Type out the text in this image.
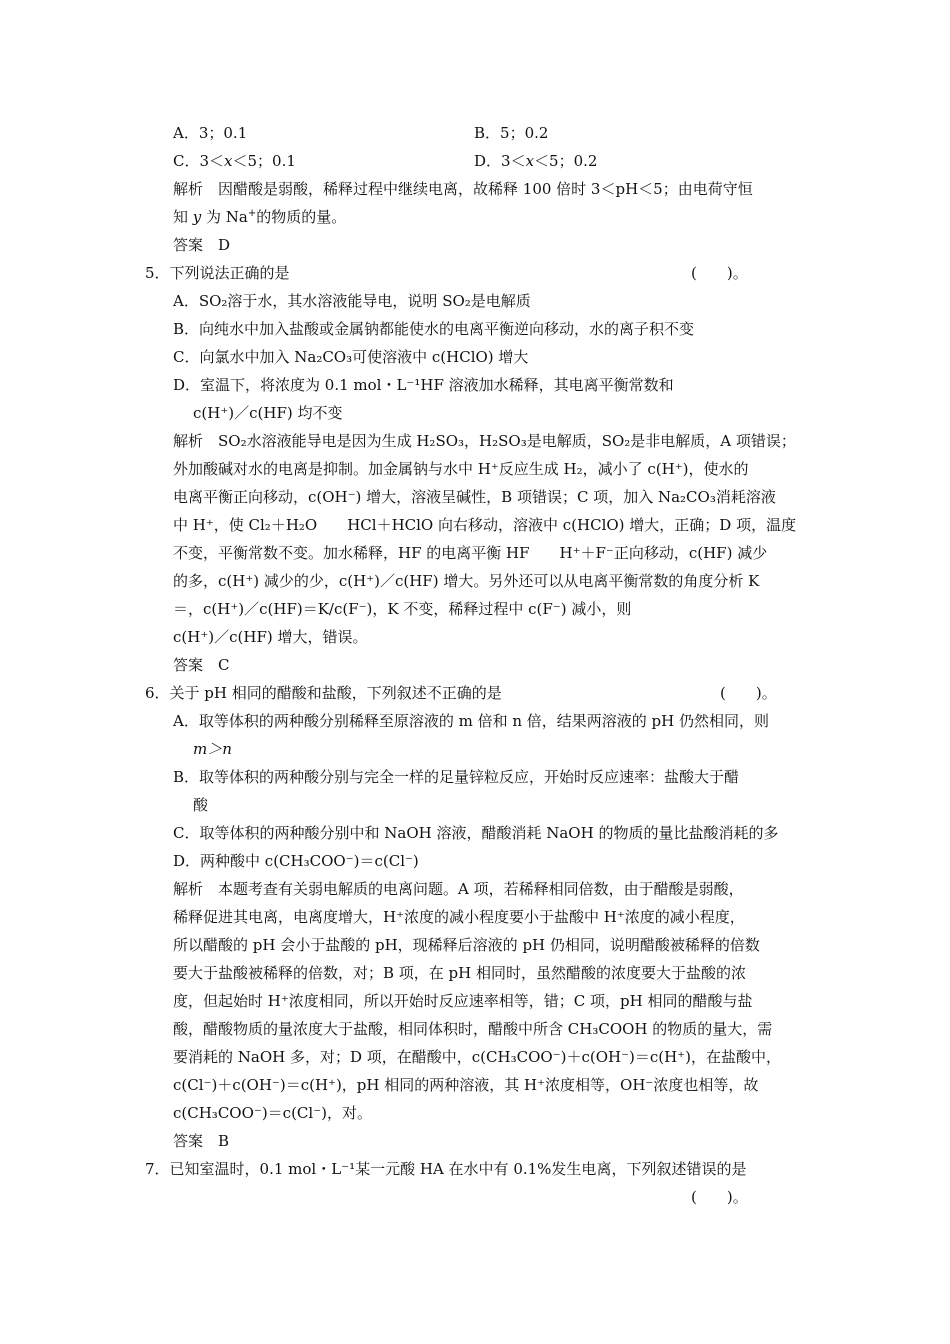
A．3；0.1	B．5；0.2
C．3＜x＜5；0.1	D．3＜x＜5；0.2
解析　因醋酸是弱酸，稀释过程中继续电离，故稀释 100 倍时 3＜pH＜5；由电荷守恒
知 y 为 Na+的物质的量。
答案　D
5．下列说法正确的是	(　　)。
A．SO₂溶于水，其水溶液能导电，说明 SO₂是电解质
B．向纯水中加入盐酸或金属钠都能使水的电离平衡逆向移动，水的离子积不变
C．向氯水中加入 Na₂CO₃可使溶液中 c(HClO) 增大
D．室温下，将浓度为 0.1 mol・L⁻¹HF 溶液加水稀释，其电离平衡常数和
c(H⁺)／c(HF) 均不变
解析　SO₂水溶液能导电是因为生成 H₂SO₃，H₂SO₃是电解质，SO₂是非电解质，A 项错误；
外加酸碱对水的电离是抑制。加金属钠与水中 H⁺反应生成 H₂，减小了 c(H⁺)，使水的
电离平衡正向移动，c(OH⁻) 增大，溶液呈碱性，B 项错误；C 项，加入 Na₂CO₃消耗溶液
中 H⁺，使 Cl₂＋H₂O　　HCl＋HClO 向右移动，溶液中 c(HClO) 增大，正确；D 项，温度
不变，平衡常数不变。加水稀释，HF 的电离平衡 HF　　H⁺＋F⁻正向移动，c(HF) 减少
的多，c(H⁺) 减少的少，c(H⁺)／c(HF) 增大。另外还可以从电离平衡常数的角度分析 K
＝，c(H⁺)／c(HF)＝K/c(F⁻)，K 不变，稀释过程中 c(F⁻) 减小，则
c(H⁺)／c(HF) 增大，错误。
答案　C
6．关于 pH 相同的醋酸和盐酸，下列叙述不正确的是	(　　)。
A．取等体积的两种酸分别稀释至原溶液的 m 倍和 n 倍，结果两溶液的 pH 仍然相同，则
m＞n
B．取等体积的两种酸分别与完全一样的足量锌粒反应，开始时反应速率：盐酸大于醋
酸
C．取等体积的两种酸分别中和 NaOH 溶液，醋酸消耗 NaOH 的物质的量比盐酸消耗的多
D．两种酸中 c(CH₃COO⁻)＝c(Cl⁻)
解析　本题考查有关弱电解质的电离问题。A 项，若稀释相同倍数，由于醋酸是弱酸，
稀释促进其电离，电离度增大，H⁺浓度的减小程度要小于盐酸中 H⁺浓度的减小程度，
所以醋酸的 pH 会小于盐酸的 pH，现稀释后溶液的 pH 仍相同，说明醋酸被稀释的倍数
要大于盐酸被稀释的倍数，对；B 项，在 pH 相同时，虽然醋酸的浓度要大于盐酸的浓
度，但起始时 H⁺浓度相同，所以开始时反应速率相等，错；C 项，pH 相同的醋酸与盐
酸，醋酸物质的量浓度大于盐酸，相同体积时，醋酸中所含 CH₃COOH 的物质的量大，需
要消耗的 NaOH 多，对；D 项，在醋酸中，c(CH₃COO⁻)＋c(OH⁻)＝c(H⁺)，在盐酸中，
c(Cl⁻)＋c(OH⁻)＝c(H⁺)，pH 相同的两种溶液，其 H⁺浓度相等，OH⁻浓度也相等，故
c(CH₃COO⁻)＝c(Cl⁻)，对。
答案　B
7．已知室温时，0.1 mol・L⁻¹某一元酸 HA 在水中有 0.1%发生电离，下列叙述错误的是
(　　)。
